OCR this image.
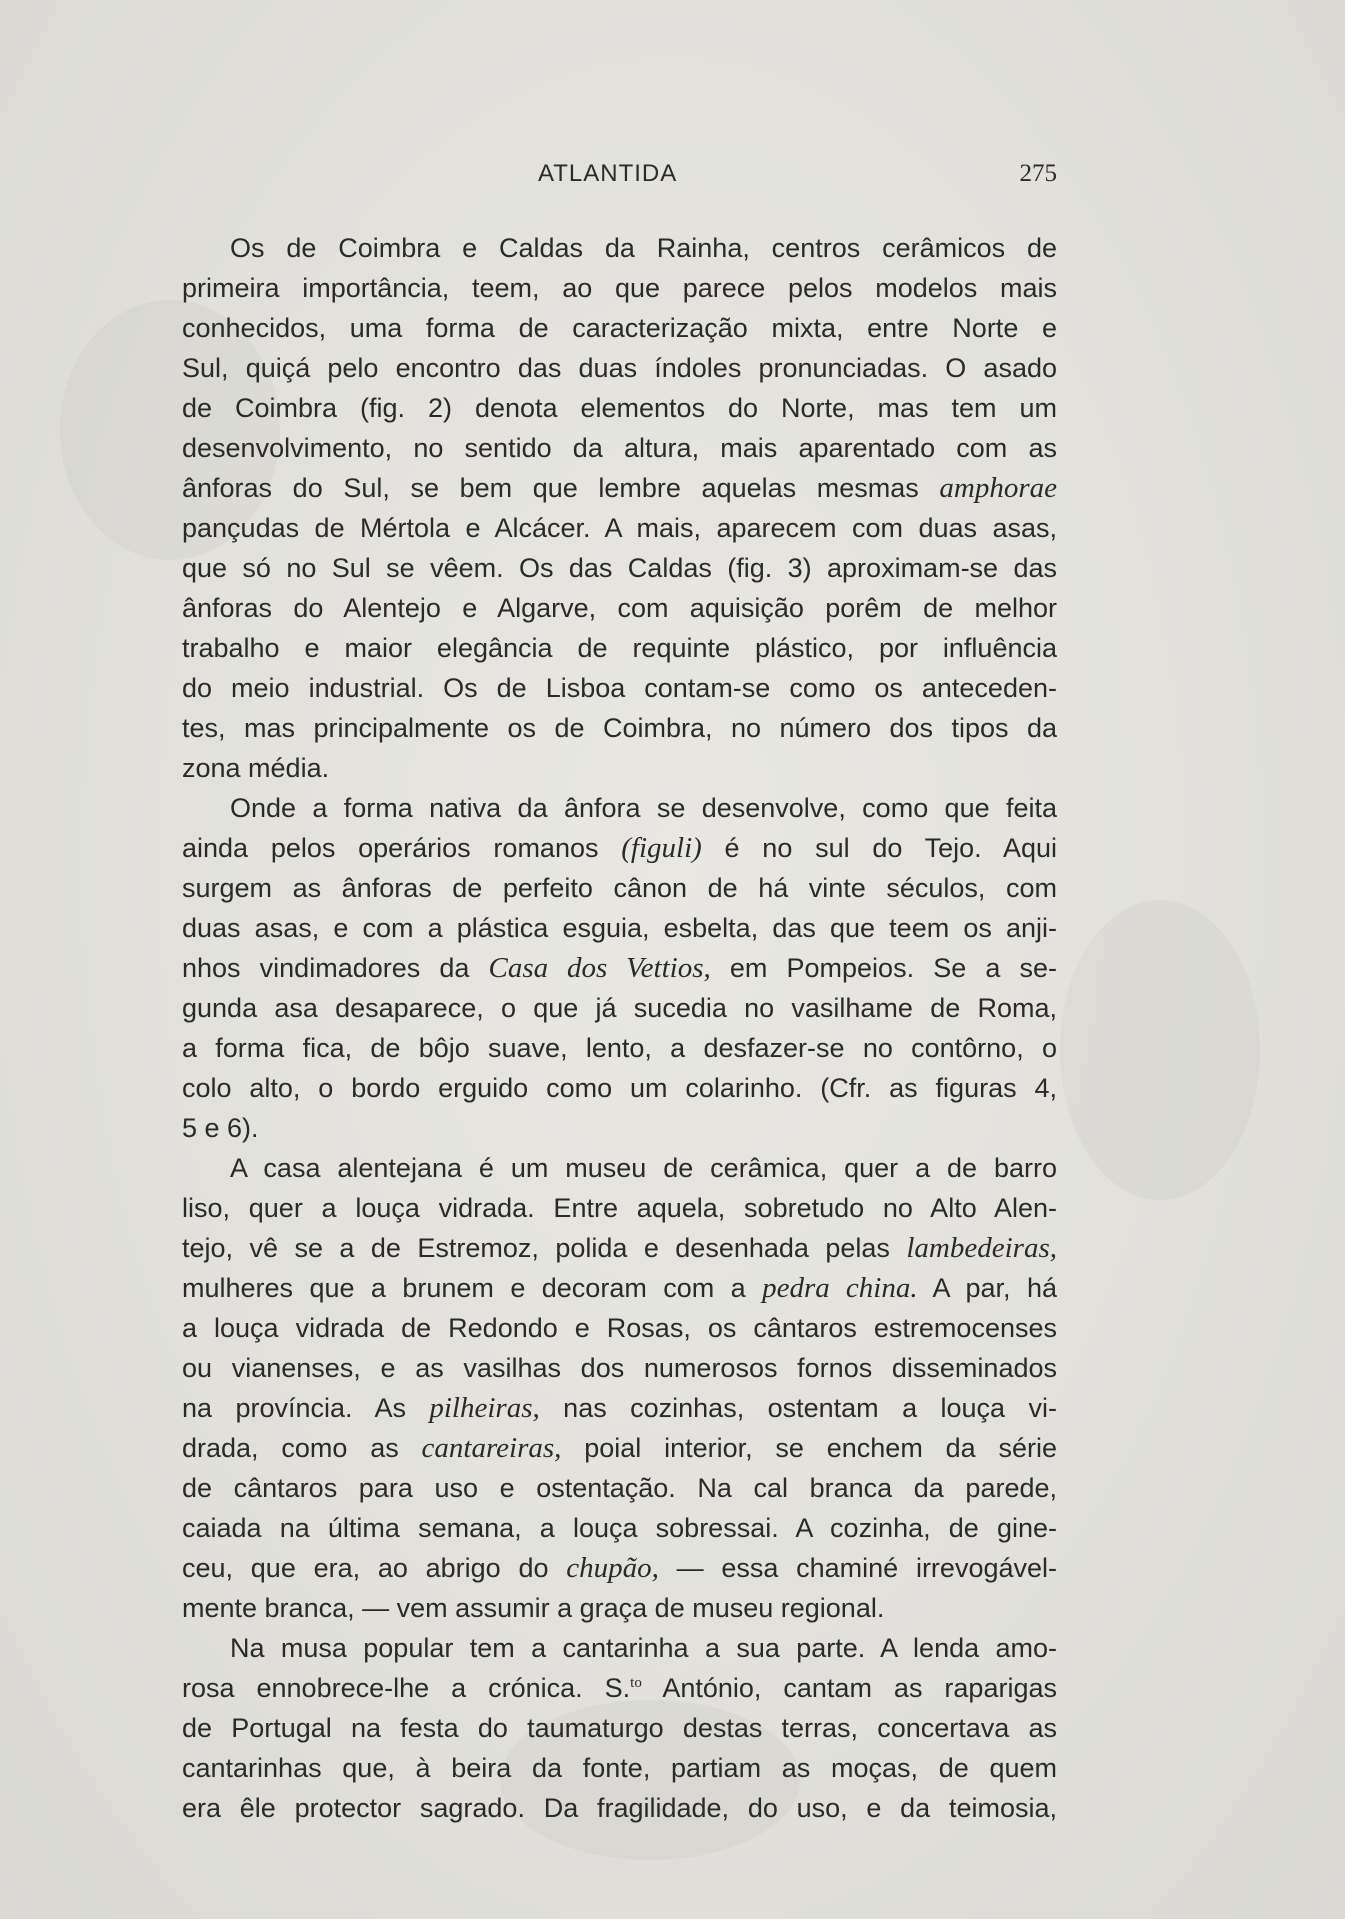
ATLANTIDA	275
Os de Coimbra e Caldas da Rainha, centros cerâmicos de
primeira importância, teem, ao que parece pelos modelos mais
conhecidos, uma forma de caracterização mixta, entre Norte e
Sul, quiçá pelo encontro das duas índoles pronunciadas. O asado
de Coimbra (fig. 2) denota elementos do Norte, mas tem um
desenvolvimento, no sentido da altura, mais aparentado com as
ânforas do Sul, se bem que lembre aquelas mesmas amphorae
pançudas de Mértola e Alcácer. A mais, aparecem com duas asas,
que só no Sul se vêem. Os das Caldas (fig. 3) aproximam-se das
ânforas do Alentejo e Algarve, com aquisição porêm de melhor
trabalho e maior elegância de requinte plástico, por influência
do meio industrial. Os de Lisboa contam-se como os anteceden-
tes, mas principalmente os de Coimbra, no número dos tipos da
zona média.
Onde a forma nativa da ânfora se desenvolve, como que feita
ainda pelos operários romanos (figuli) é no sul do Tejo. Aqui
surgem as ânforas de perfeito cânon de há vinte séculos, com
duas asas, e com a plástica esguia, esbelta, das que teem os anji-
nhos vindimadores da Casa dos Vettios, em Pompeios. Se a se-
gunda asa desaparece, o que já sucedia no vasilhame de Roma,
a forma fica, de bôjo suave, lento, a desfazer-se no contôrno, o
colo alto, o bordo erguido como um colarinho. (Cfr. as figuras 4,
5 e 6).
A casa alentejana é um museu de cerâmica, quer a de barro
liso, quer a louça vidrada. Entre aquela, sobretudo no Alto Alen-
tejo, vê se a de Estremoz, polida e desenhada pelas lambedeiras,
mulheres que a brunem e decoram com a pedra china. A par, há
a louça vidrada de Redondo e Rosas, os cântaros estremocenses
ou vianenses, e as vasilhas dos numerosos fornos disseminados
na província. As pilheiras, nas cozinhas, ostentam a louça vi-
drada, como as cantareiras, poial interior, se enchem da série
de cântaros para uso e ostentação. Na cal branca da parede,
caiada na última semana, a louça sobressai. A cozinha, de gine-
ceu, que era, ao abrigo do chupão, — essa chaminé irrevogável-
mente branca, — vem assumir a graça de museu regional.
Na musa popular tem a cantarinha a sua parte. A lenda amo-
rosa ennobrece-lhe a crónica. S.$^{to}$ António, cantam as raparigas
de Portugal na festa do taumaturgo destas terras, concertava as
cantarinhas que, à beira da fonte, partiam as moças, de quem
era êle protector sagrado. Da fragilidade, do uso, e da teimosia,
